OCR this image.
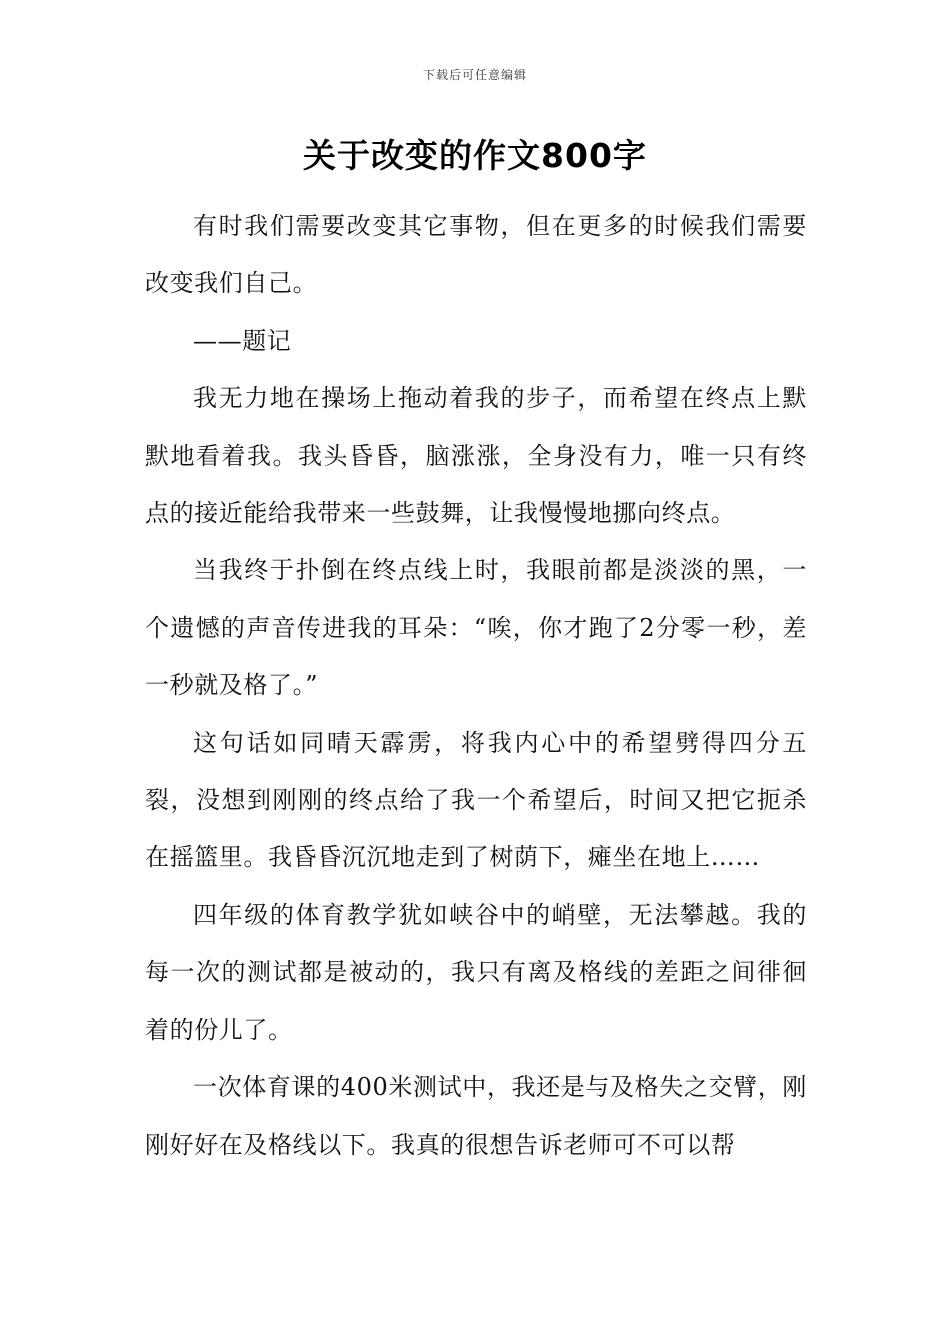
下载后可任意编辑
关于改变的作文800字

有时我们需要改变其它事物，但在更多的时候我们需要改变我们自己。

——题记

我无力地在操场上拖动着我的步子，而希望在终点上默默地看着我。我头昏昏，脑涨涨，全身没有力，唯一只有终点的接近能给我带来一些鼓舞，让我慢慢地挪向终点。

当我终于扑倒在终点线上时，我眼前都是淡淡的黑，一个遗憾的声音传进我的耳朵：“唉，你才跑了2分零一秒，差一秒就及格了。”

这句话如同晴天霹雳，将我内心中的希望劈得四分五裂，没想到刚刚的终点给了我一个希望后，时间又把它扼杀在摇篮里。我昏昏沉沉地走到了树荫下，瘫坐在地上……

四年级的体育教学犹如峡谷中的峭壁，无法攀越。我的每一次的测试都是被动的，我只有离及格线的差距之间徘徊着的份儿了。

一次体育课的400米测试中，我还是与及格失之交臂，刚刚好好在及格线以下。我真的很想告诉老师可不可以帮
